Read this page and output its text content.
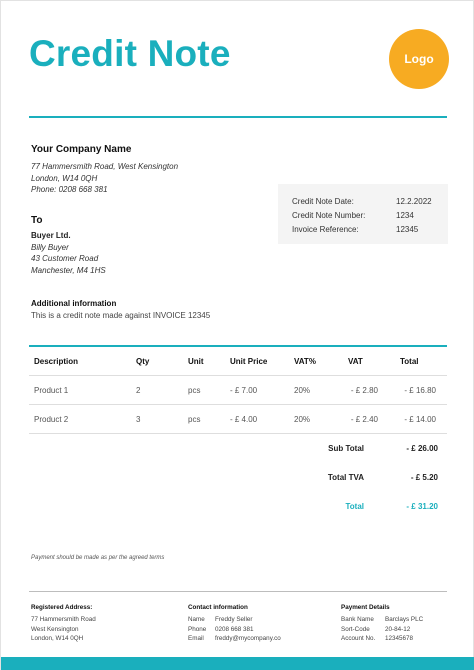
Credit Note	Logo
Your Company Name
77 Hammersmith Road, West Kensington
London, W14 0QH
Phone: 0208 668 381
Credit Note Date:	12.2.2022
Credit Note Number:	1234
Invoice Reference:	12345
To
Buyer Ltd.
Billy Buyer
43 Customer Road
Manchester, M4 1HS
Additional information
This is a credit note made against INVOICE 12345
Description	Qty	Unit	Unit Price	VAT%	VAT	Total
Product 1	2	pcs	- £ 7.00	20%	- £ 2.80	- £ 16.80
Product 2	3	pcs	- £ 4.00	20%	- £ 2.40	- £ 14.00
Sub Total	- £ 26.00
Total TVA	- £ 5.20
Total	- £ 31.20
Payment should be made as per the agreed terms
Registered Address:
77 Hammersmith Road
West Kensington
London, W14 0QH
Contact information
Name	Freddy Seller
Phone	0208 668 381
Email	freddy@mycompany.co
Payment Details
Bank Name	Barclays PLC
Sort-Code	20-84-12
Account No.	12345678
